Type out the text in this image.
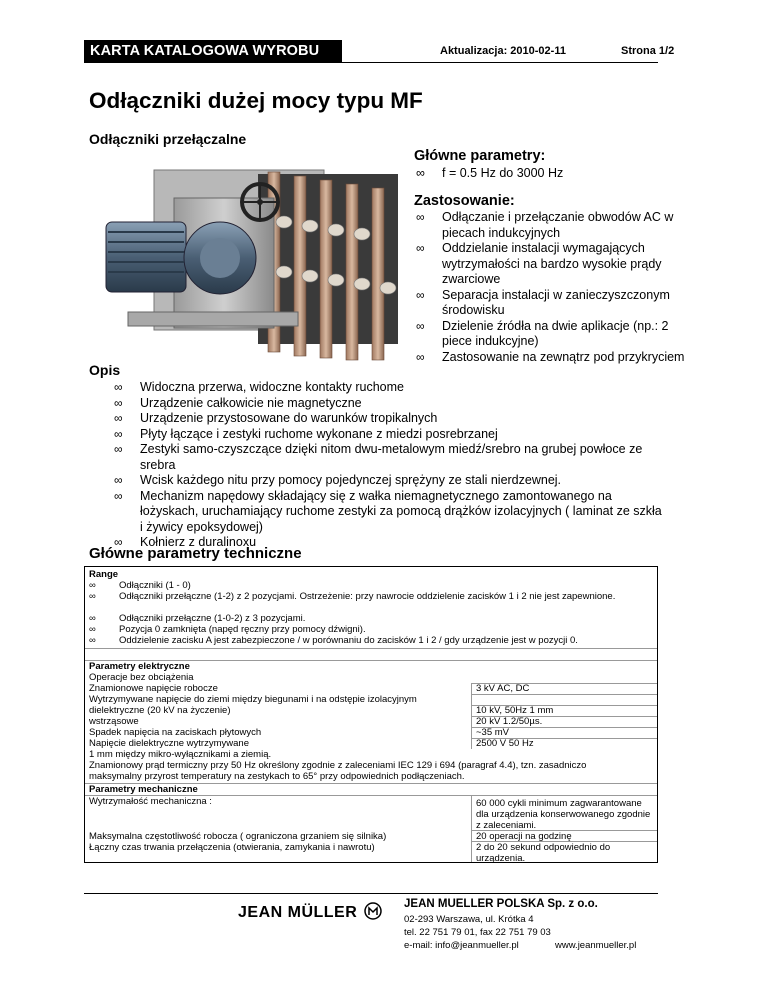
KARTA KATALOGOWA WYROBU	Aktualizacja: 2010-02-11	Strona 1/2
Odłączniki dużej mocy typu MF
Odłączniki przełączalne
Główne parametry:
∞ f = 0.5 Hz do 3000 Hz
Zastosowanie:
∞ Odłączanie i przełączanie obwodów AC w piecach indukcyjnych
∞ Oddzielanie instalacji wymagających wytrzymałości na bardzo wysokie prądy zwarciowe
∞ Separacja instalacji w zanieczyszczonym środowisku
∞ Dzielenie źródła na dwie aplikacje (np.: 2 piece indukcyjne)
∞ Zastosowanie na zewnątrz pod przykryciem
Opis
∞ Widoczna przerwa, widoczne kontakty ruchome
∞ Urządzenie całkowicie nie magnetyczne
∞ Urządzenie przystosowane do warunków tropikalnych
∞ Płyty łączące i zestyki ruchome wykonane z miedzi posrebrzanej
∞ Zestyki samo-czyszczące dzięki nitom dwu-metalowym miedź/srebro na grubej powłoce ze srebra
∞ Wcisk każdego nitu przy pomocy pojedynczej sprężyny ze stali nierdzewnej.
∞ Mechanizm napędowy składający się z wałka niemagnetycznego zamontowanego na łożyskach, uruchamiający ruchome zestyki za pomocą drążków izolacyjnych ( laminat ze szkła i żywicy epoksydowej)
∞ Kołnierz z duralinoxu
Główne parametry techniczne
Range
∞ Odłączniki (1 - 0)
∞ Odłączniki przełączne (1-2) z 2 pozycjami. Ostrzeżenie: przy nawrocie oddzielenie zacisków 1 i 2 nie jest zapewnione.
∞ Odłączniki przełączne (1-0-2) z 3 pozycjami.
∞ Pozycja 0 zamknięta (napęd ręczny przy pomocy dźwigni).
∞ Oddzielenie zacisku A jest zabezpieczone / w porównaniu do zacisków 1 i 2 / gdy urządzenie jest w pozycji 0.
Parametry elektryczne
Operacje bez obciążenia
Znamionowe napięcie robocze	3 kV AC, DC
Wytrzymywane napięcie do ziemi między biegunami i na odstępie izolacyjnym
dielektryczne (20 kV na życzenie)	10 kV, 50Hz 1 mm
wstrząsowe	20 kV 1.2/50µs.
Spadek napięcia na zaciskach płytowych	~35 mV
Napięcie dielektryczne wytrzymywane	2500 V 50 Hz
1 mm między mikro-wyłącznikami a ziemią.
Znamionowy prąd termiczny przy 50 Hz określony zgodnie z zaleceniami IEC 129 i 694 (paragraf 4.4), tzn. zasadniczo
maksymalny przyrost temperatury na zestykach to 65° przy odpowiednich podłączeniach.
Parametry mechaniczne
Wytrzymałość mechaniczna :	60 000 cykli minimum zagwarantowane dla urządzenia konserwowanego zgodnie z zaleceniami.
Maksymalna częstotliwość robocza ( ograniczona grzaniem się silnika)	20 operacji na godzinę
Łączny czas trwania przełączenia (otwierania, zamykania i nawrotu)	2 do 20 sekund odpowiednio do urządzenia.
JEAN MÜLLER	JEAN MUELLER POLSKA Sp. z o.o.
02-293 Warszawa, ul. Krótka 4
tel. 22 751 79 01, fax 22 751 79 03
e-mail: info@jeanmueller.pl	www.jeanmueller.pl
